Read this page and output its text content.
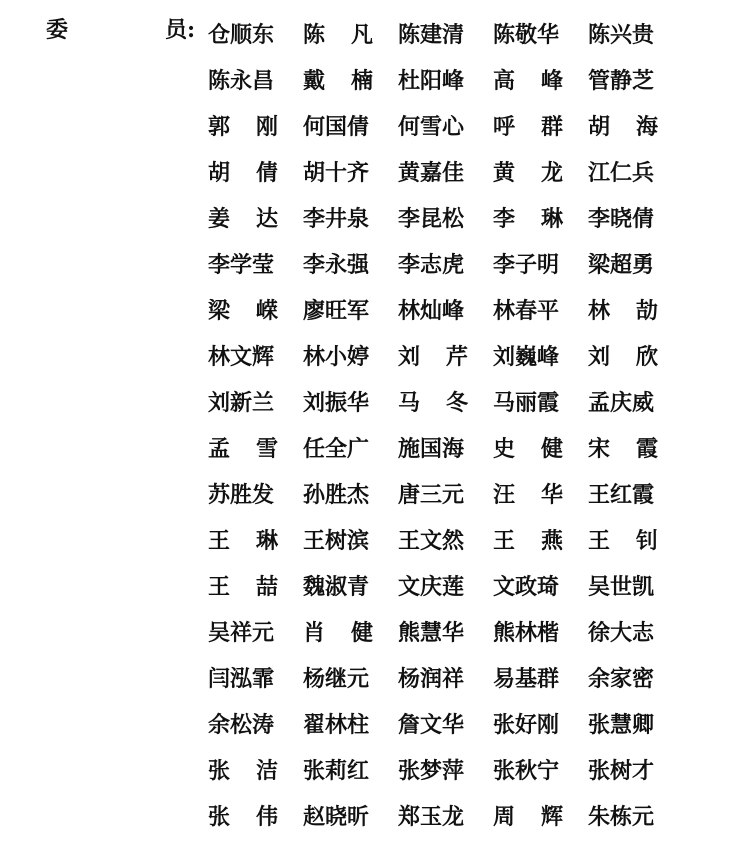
委	员: 仓顺东 陈 凡 陈建清 陈敬华 陈兴贵
陈永昌 戴 楠 杜阳峰 高 峰 管静芝
郭 刚 何国倩 何雪心 呼 群 胡 海
胡 倩 胡十齐 黄嘉佳 黄 龙 江仁兵
姜 达 李井泉 李昆松 李 琳 李晓倩
李学莹 李永强 李志虎 李子明 梁超勇
梁 嵘 廖旺军 林灿峰 林春平 林 劼
林文辉 林小婷 刘 芹 刘巍峰 刘 欣
刘新兰 刘振华 马 冬 马丽霞 孟庆威
孟 雪 任全广 施国海 史 健 宋 霞
苏胜发 孙胜杰 唐三元 汪 华 王红霞
王 琳 王树滨 王文然 王 燕 王 钊
王 喆 魏淑青 文庆莲 文政琦 吴世凯
吴祥元 肖 健 熊慧华 熊林楷 徐大志
闫泓霏 杨继元 杨润祥 易基群 余家密
余松涛 翟林柱 詹文华 张好刚 张慧卿
张 洁 张莉红 张梦萍 张秋宁 张树才
张 伟 赵晓昕 郑玉龙 周 辉 朱栋元
